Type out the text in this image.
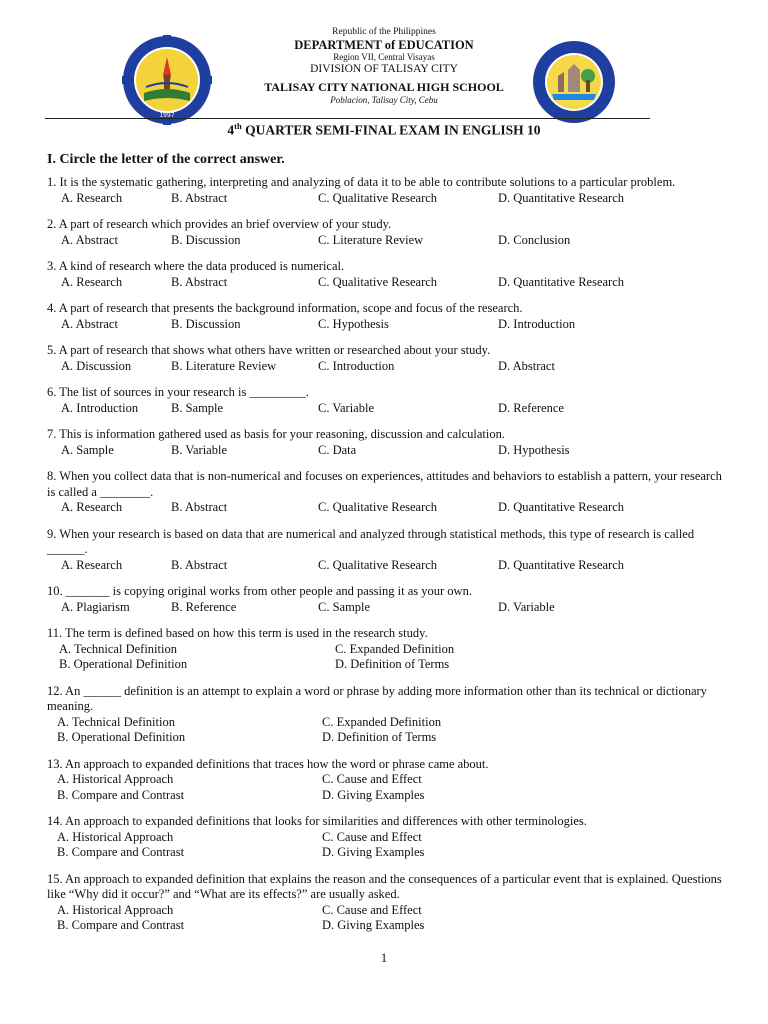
1997
Republic of the Philippines
DEPARTMENT of EDUCATION
Region VII, Central Visayas
DIVISION OF TALISAY CITY
TALISAY CITY NATIONAL HIGH SCHOOL
Poblacion, Talisay City, Cebu
4th QUARTER SEMI-FINAL EXAM IN ENGLISH 10
I. Circle the letter of the correct answer.
1. It is the systematic gathering, interpreting and analyzing of data it to be able to contribute solutions to a particular problem.
A. Research	B. Abstract	C. Qualitative Research	D. Quantitative Research
2. A part of research which provides an brief overview of your study.
A. Abstract	B. Discussion	C. Literature Review	D. Conclusion
3. A kind of research where the data produced is numerical.
A. Research	B. Abstract	C. Qualitative Research	D. Quantitative Research
4. A part of research that presents the background information, scope and focus of the research.
A. Abstract	B. Discussion	C. Hypothesis	D. Introduction
5. A part of research that shows what others have written or researched about your study.
A. Discussion	B. Literature Review	C. Introduction	D. Abstract
6. The list of sources in your research is _________.
A. Introduction	B. Sample	C. Variable	D. Reference
7. This is information gathered used as basis for your reasoning, discussion and calculation.
A. Sample	B. Variable	C. Data	D. Hypothesis
8. When you collect data that is non-numerical and focuses on experiences, attitudes and behaviors to establish a pattern, your research is called a ________.
A. Research	B. Abstract	C. Qualitative Research	D. Quantitative Research
9. When your research is based on data that are numerical and analyzed through statistical methods, this type of research is called ______.
A. Research	B. Abstract	C. Qualitative Research	D. Quantitative Research
10. _______ is copying original works from other people and passing it as your own.
A. Plagiarism	B. Reference	C. Sample	D. Variable
11. The term is defined based on how this term is used in the research study.
A. Technical Definition	C. Expanded Definition
B. Operational Definition	D. Definition of Terms
12. An ______ definition is an attempt to explain a word or phrase by adding more information other than its technical or dictionary meaning.
A. Technical Definition	C. Expanded Definition
B. Operational Definition	D. Definition of Terms
13. An approach to expanded definitions that traces how the word or phrase came about.
A. Historical Approach	C. Cause and Effect
B. Compare and Contrast	D. Giving Examples
14. An approach to expanded definitions that looks for similarities and differences with other terminologies.
A. Historical Approach	C. Cause and Effect
B. Compare and Contrast	D. Giving Examples
15. An approach to expanded definition that explains the reason and the consequences of a particular event that is explained. Questions like “Why did it occur?” and “What are its effects?” are usually asked.
A. Historical Approach	C. Cause and Effect
B. Compare and Contrast	D. Giving Examples
1
